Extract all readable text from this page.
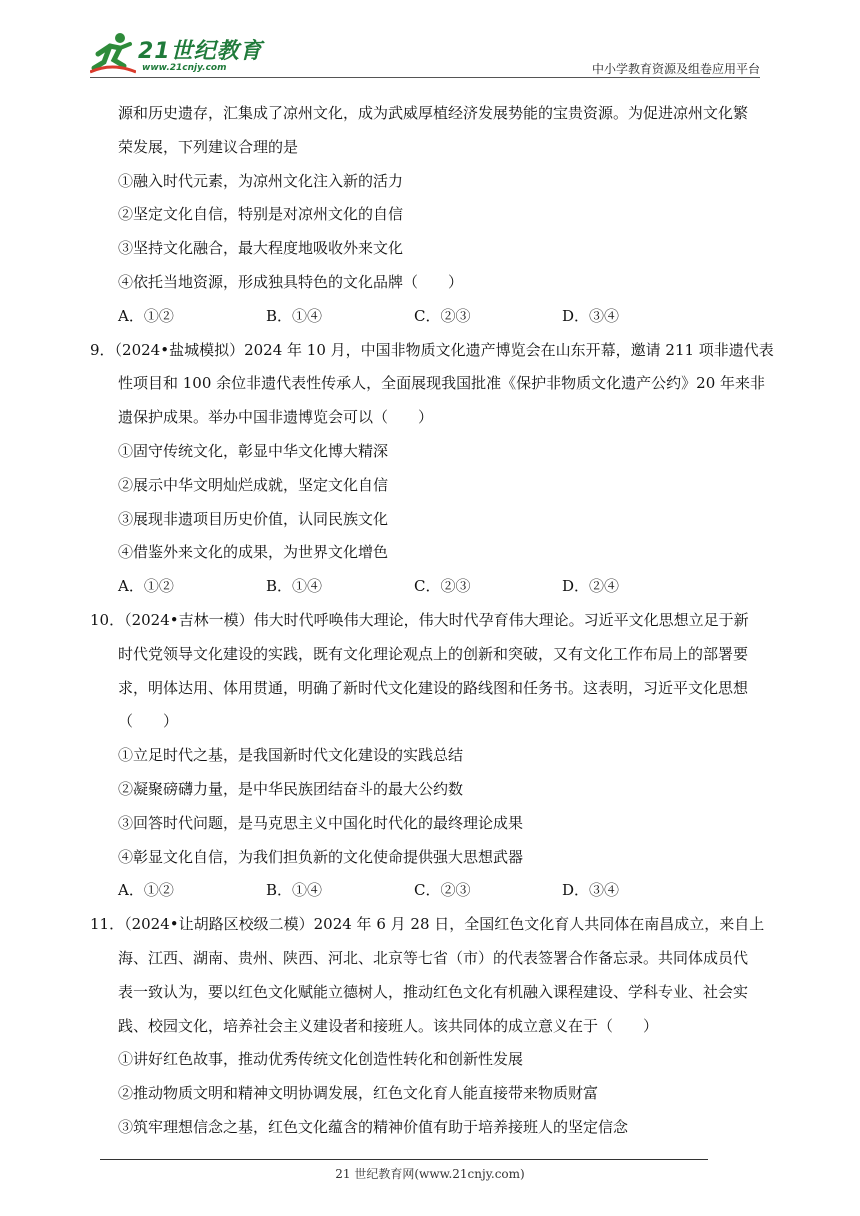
21世纪教育
www.21cnjy.com	中小学教育资源及组卷应用平台
源和历史遗存，汇集成了凉州文化，成为武威厚植经济发展势能的宝贵资源。为促进凉州文化繁
荣发展，下列建议合理的是
①融入时代元素，为凉州文化注入新的活力
②坚定文化自信，特别是对凉州文化的自信
③坚持文化融合，最大程度地吸收外来文化
④依托当地资源，形成独具特色的文化品牌（　　）
A．①②	B．①④	C．②③	D．③④
9．（2024•盐城模拟）2024 年 10 月，中国非物质文化遗产博览会在山东开幕，邀请 211 项非遗代表
性项目和 100 余位非遗代表性传承人，全面展现我国批准《保护非物质文化遗产公约》20 年来非
遗保护成果。举办中国非遗博览会可以（　　）
①固守传统文化，彰显中华文化博大精深
②展示中华文明灿烂成就，坚定文化自信
③展现非遗项目历史价值，认同民族文化
④借鉴外来文化的成果，为世界文化增色
A．①②	B．①④	C．②③	D．②④
10．（2024•吉林一模）伟大时代呼唤伟大理论，伟大时代孕育伟大理论。习近平文化思想立足于新
时代党领导文化建设的实践，既有文化理论观点上的创新和突破，又有文化工作布局上的部署要
求，明体达用、体用贯通，明确了新时代文化建设的路线图和任务书。这表明，习近平文化思想
（　　）
①立足时代之基，是我国新时代文化建设的实践总结
②凝聚磅礴力量，是中华民族团结奋斗的最大公约数
③回答时代问题，是马克思主义中国化时代化的最终理论成果
④彰显文化自信，为我们担负新的文化使命提供强大思想武器
A．①②	B．①④	C．②③	D．③④
11．（2024•让胡路区校级二模）2024 年 6 月 28 日，全国红色文化育人共同体在南昌成立，来自上
海、江西、湖南、贵州、陕西、河北、北京等七省（市）的代表签署合作备忘录。共同体成员代
表一致认为，要以红色文化赋能立德树人，推动红色文化有机融入课程建设、学科专业、社会实
践、校园文化，培养社会主义建设者和接班人。该共同体的成立意义在于（　　）
①讲好红色故事，推动优秀传统文化创造性转化和创新性发展
②推动物质文明和精神文明协调发展，红色文化育人能直接带来物质财富
③筑牢理想信念之基，红色文化蕴含的精神价值有助于培养接班人的坚定信念
21 世纪教育网(www.21cnjy.com)
